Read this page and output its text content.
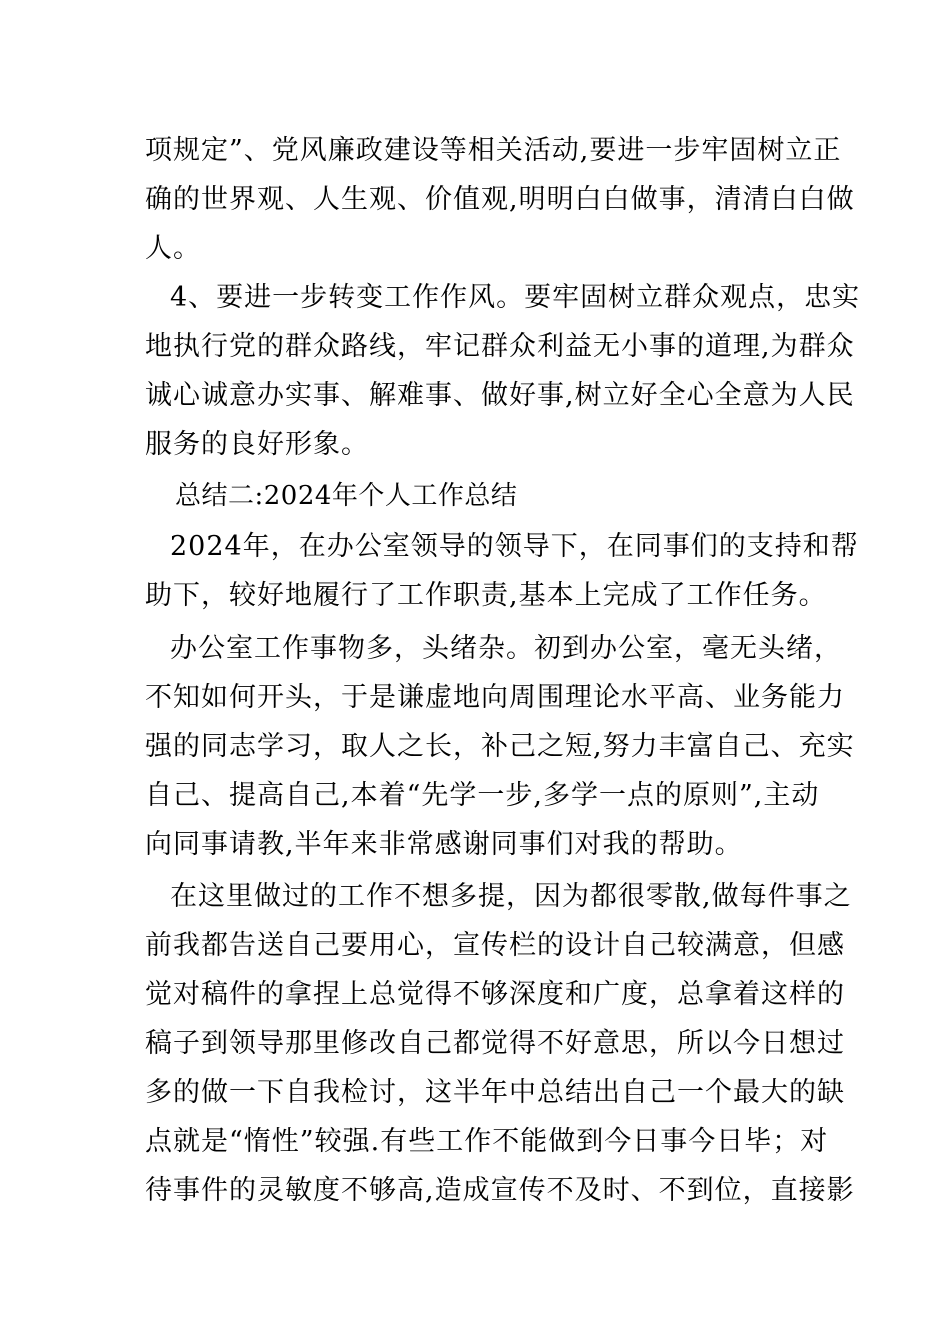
项规定”、党风廉政建设等相关活动,要进一步牢固树立正
确的世界观、人生观、价值观,明明白白做事，清清白白做
人。
4、要进一步转变工作作风。要牢固树立群众观点，忠实
地执行党的群众路线，牢记群众利益无小事的道理,为群众
诚心诚意办实事、解难事、做好事,树立好全心全意为人民
服务的良好形象。
总结二:2024年个人工作总结
2024年，在办公室领导的领导下，在同事们的支持和帮
助下，较好地履行了工作职责,基本上完成了工作任务。
办公室工作事物多，头绪杂。初到办公室，毫无头绪，
不知如何开头，于是谦虚地向周围理论水平高、业务能力
强的同志学习，取人之长，补己之短,努力丰富自己、充实
自己、提高自己,本着“先学一步,多学一点的原则”,主动
向同事请教,半年来非常感谢同事们对我的帮助。
在这里做过的工作不想多提，因为都很零散,做每件事之
前我都告送自己要用心，宣传栏的设计自己较满意，但感
觉对稿件的拿捏上总觉得不够深度和广度，总拿着这样的
稿子到领导那里修改自己都觉得不好意思，所以今日想过
多的做一下自我检讨，这半年中总结出自己一个最大的缺
点就是“惰性”较强.有些工作不能做到今日事今日毕；对
待事件的灵敏度不够高,造成宣传不及时、不到位，直接影
